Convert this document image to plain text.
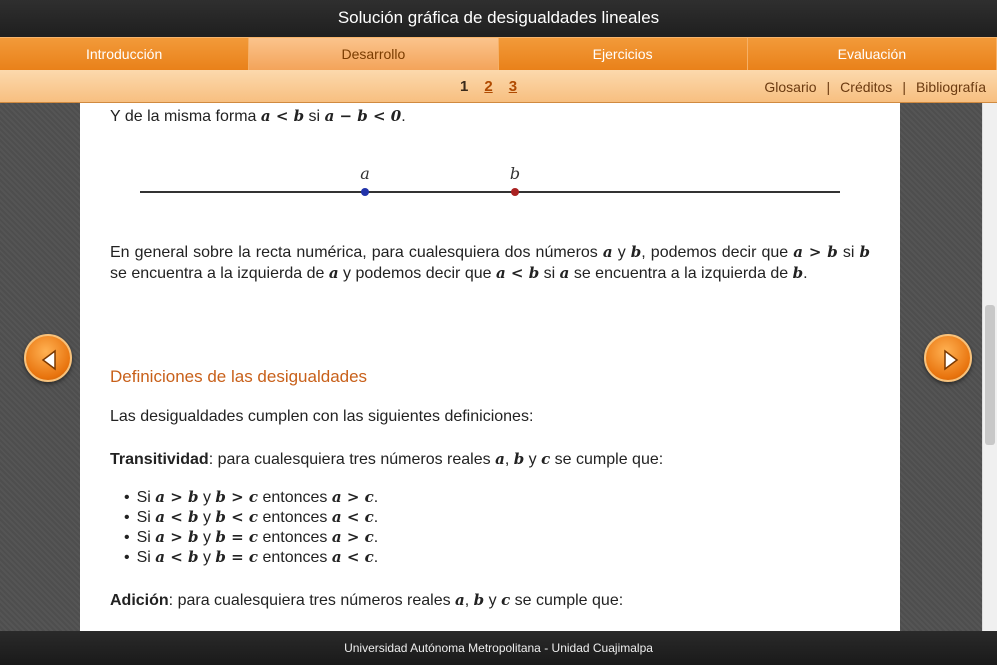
Solución gráfica de desigualdades lineales
Introducción	Desarrollo	Ejercicios	Evaluación
1 2 3	Glosario | Créditos | Bibliografía
Y de la misma forma a < b si a − b < 0.
a	b
En general sobre la recta numérica, para cualesquiera dos números a y b, podemos decir que a > b si b se encuentra a la izquierda de a y podemos decir que a < b si a se encuentra a la izquierda de b.
Definiciones de las desigualdades
Las desigualdades cumplen con las siguientes definiciones:
Transitividad: para cualesquiera tres números reales a, b y c se cumple que:
• Si a > b y b > c entonces a > c.
• Si a < b y b < c entonces a < c.
• Si a > b y b = c entonces a > c.
• Si a < b y b = c entonces a < c.
Adición: para cualesquiera tres números reales a, b y c se cumple que:
Universidad Autónoma Metropolitana - Unidad Cuajimalpa
